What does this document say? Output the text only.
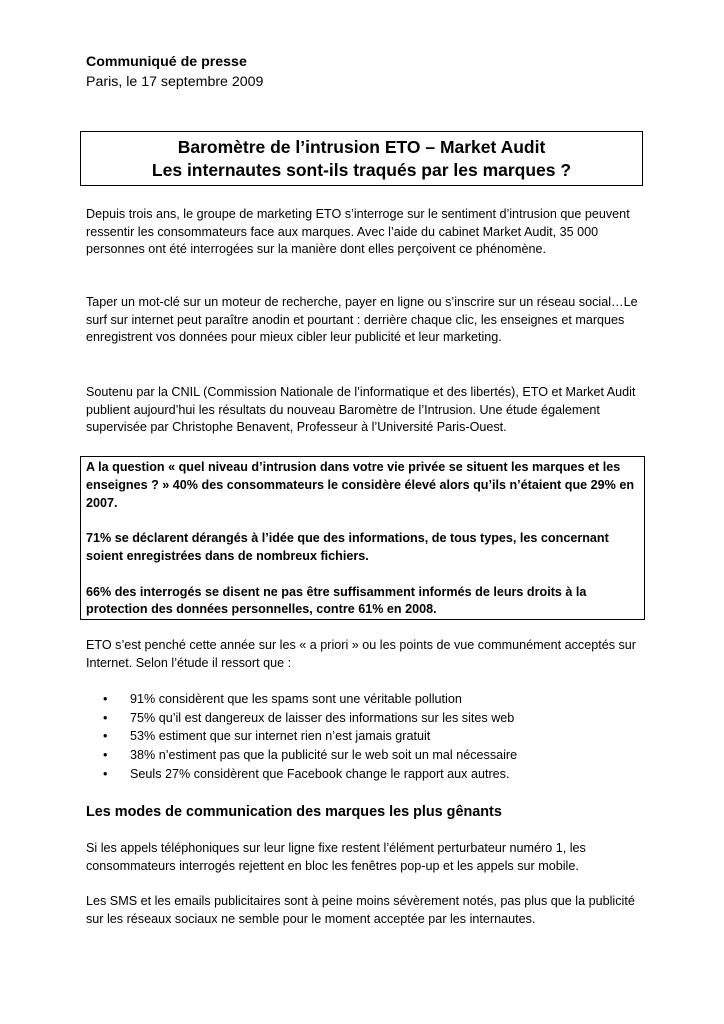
Communiqué de presse
Paris, le 17 septembre 2009
Baromètre de l’intrusion ETO – Market Audit
Les internautes sont-ils traqués par les marques ?

Depuis trois ans, le groupe de marketing ETO s’interroge sur le sentiment d’intrusion que peuvent ressentir les consommateurs face aux marques. Avec l’aide du cabinet Market Audit, 35 000 personnes ont été interrogées sur la manière dont elles perçoivent ce phénomène.

Taper un mot-clé sur un moteur de recherche, payer en ligne ou s’inscrire sur un réseau social…Le surf sur internet peut paraître anodin et pourtant : derrière chaque clic, les enseignes et marques enregistrent vos données pour mieux cibler leur publicité et leur marketing.

Soutenu par la CNIL (Commission Nationale de l’informatique et des libertés), ETO et Market Audit publient aujourd’hui les résultats du nouveau Baromètre de l’Intrusion. Une étude également supervisée par Christophe Benavent, Professeur à l’Université Paris-Ouest.

A la question « quel niveau d’intrusion dans votre vie privée se situent les marques et les enseignes ? » 40% des consommateurs le considère élevé alors qu’ils n’étaient que 29% en 2007.

71% se déclarent dérangés à l’idée que des informations, de tous types, les concernant soient enregistrées dans de nombreux fichiers.

66% des interrogés se disent ne pas être suffisamment informés de leurs droits à la protection des données personnelles, contre 61% en 2008.

ETO s’est penché cette année sur les « a priori » ou les points de vue communément acceptés sur Internet. Selon l’étude il ressort que :

• 91% considèrent que les spams sont une véritable pollution
• 75% qu’il est dangereux de laisser des informations sur les sites web
• 53% estiment que sur internet rien n’est jamais gratuit
• 38% n’estiment pas que la publicité sur le web soit un mal nécessaire
• Seuls 27% considèrent que Facebook change le rapport aux autres.
Les modes de communication des marques les plus gênants

Si les appels téléphoniques sur leur ligne fixe restent l’élément perturbateur numéro 1, les consommateurs interrogés rejettent en bloc les fenêtres pop-up et les appels sur mobile.

Les SMS et les emails publicitaires sont à peine moins sévèrement notés, pas plus que la publicité sur les réseaux sociaux ne semble pour le moment acceptée par les internautes.
